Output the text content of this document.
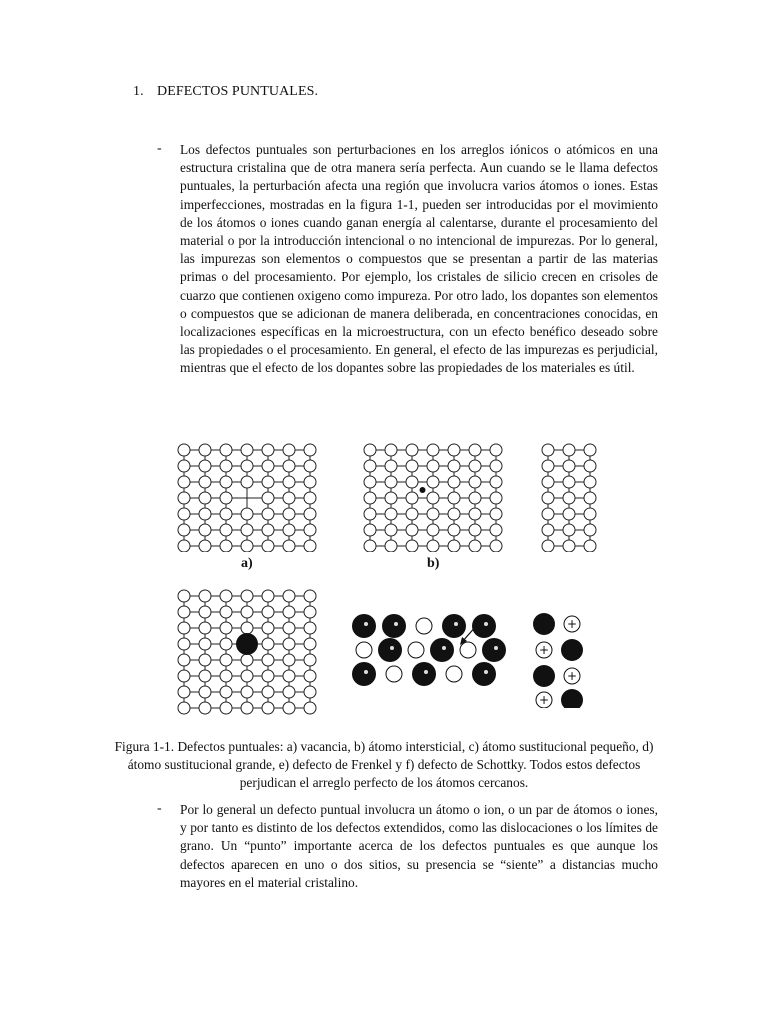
1. DEFECTOS PUNTUALES.
-	Los defectos puntuales son perturbaciones en los arreglos iónicos o atómicos en una estructura cristalina que de otra manera sería perfecta. Aun cuando se le llama defectos puntuales, la perturbación afecta una región que involucra varios átomos o iones. Estas imperfecciones, mostradas en la figura 1-1, pueden ser introducidas por el movimiento de los átomos o iones cuando ganan energía al calentarse, durante el procesamiento del material o por la introducción intencional o no intencional de impurezas. Por lo general, las impurezas son elementos o compuestos que se presentan a partir de las materias primas o del procesamiento. Por ejemplo, los cristales de silicio crecen en crisoles de cuarzo que contienen oxigeno como impureza. Por otro lado, los dopantes son elementos o compuestos que se adicionan de manera deliberada, en concentraciones conocidas, en localizaciones específicas en la microestructura, con un efecto benéfico deseado sobre las propiedades o el procesamiento. En general, el efecto de las impurezas es perjudicial, mientras que el efecto de los dopantes sobre las propiedades de los materiales es útil.
a)	b)
+
+
+
+
Figura 1-1. Defectos puntuales: a) vacancia, b) átomo intersticial, c) átomo sustitucional pequeño, d) átomo sustitucional grande, e) defecto de Frenkel y f) defecto de Schottky. Todos estos defectos perjudican el arreglo perfecto de los átomos cercanos.
-	Por lo general un defecto puntual involucra un átomo o ion, o un par de átomos o iones, y por tanto es distinto de los defectos extendidos, como las dislocaciones o los límites de grano. Un “punto” importante acerca de los defectos puntuales es que aunque los defectos aparecen en uno o dos sitios, su presencia se “siente” a distancias mucho mayores en el material cristalino.
